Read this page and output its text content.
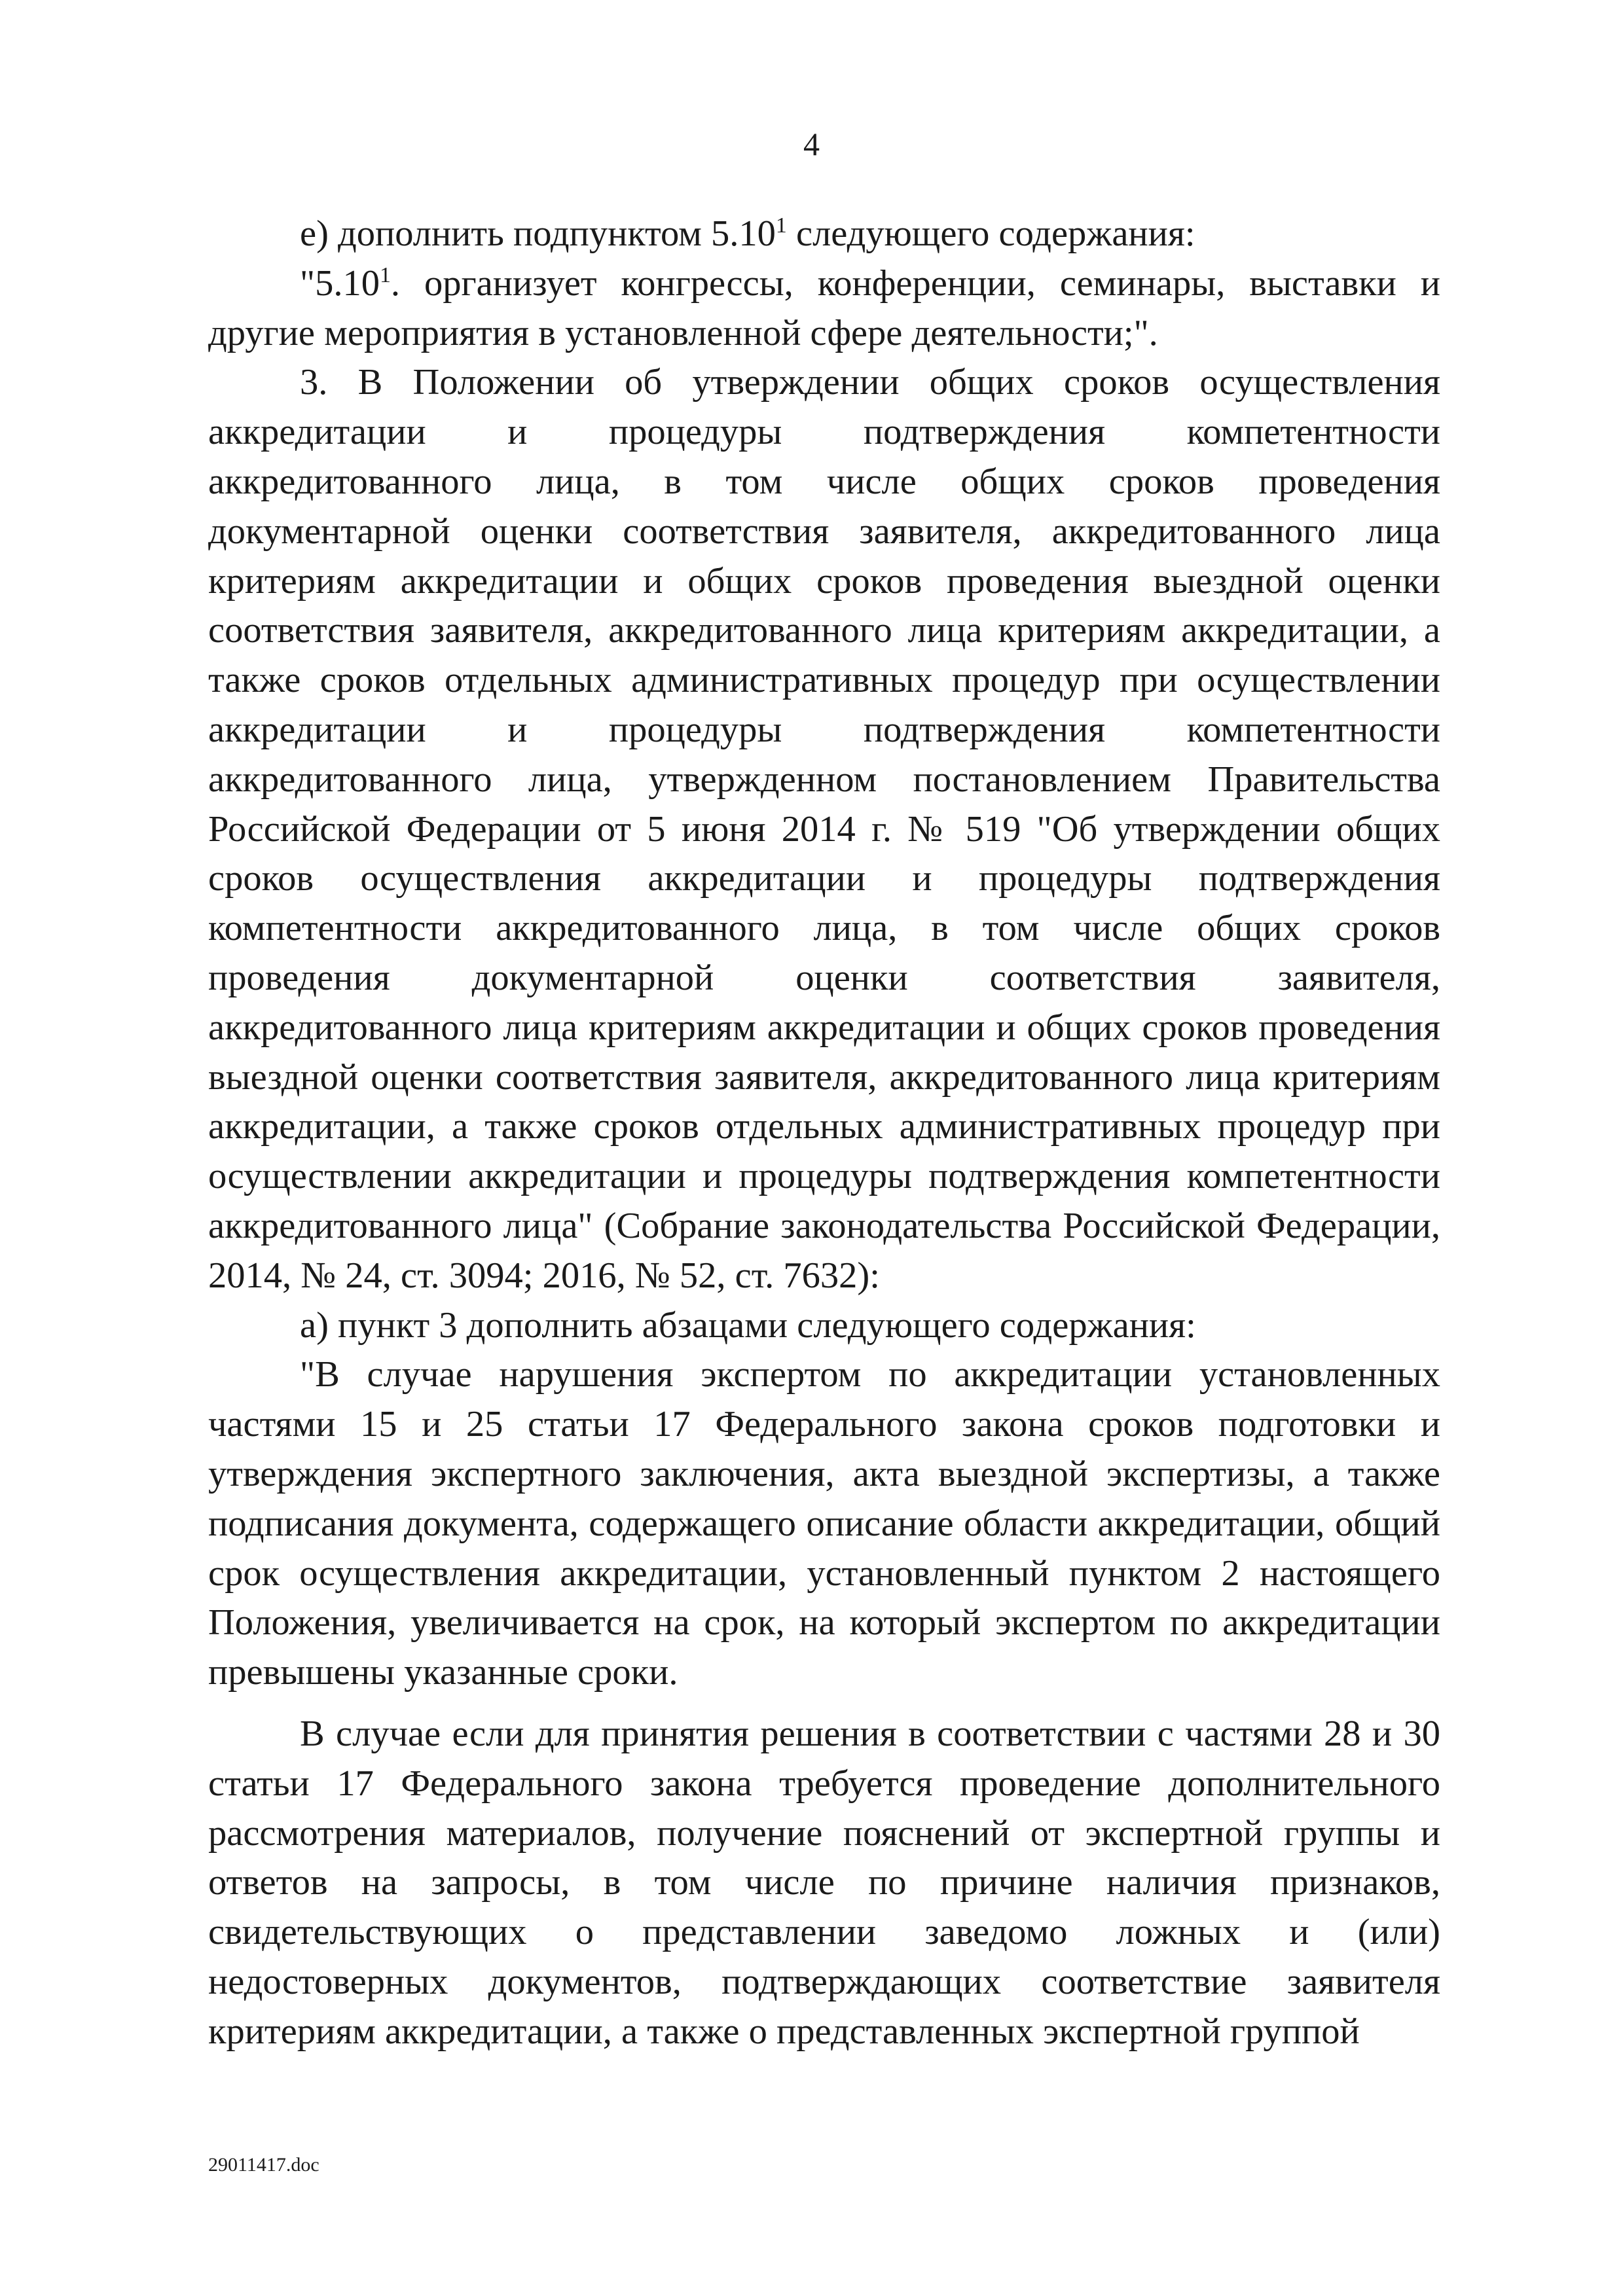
4

е) дополнить подпунктом 5.10$^1$ следующего содержания:

"5.10$^1$. организует конгрессы, конференции, семинары, выставки и другие мероприятия в установленной сфере деятельности;".

3. В Положении об утверждении общих сроков осуществления аккредитации и процедуры подтверждения компетентности аккредитованного лица, в том числе общих сроков проведения документарной оценки соответствия заявителя, аккредитованного лица критериям аккредитации и общих сроков проведения выездной оценки соответствия заявителя, аккредитованного лица критериям аккредитации, а также сроков отдельных административных процедур при осуществлении аккредитации и процедуры подтверждения компетентности аккредитованного лица, утвержденном постановлением Правительства Российской Федерации от 5 июня 2014 г. № 519 "Об утверждении общих сроков осуществления аккредитации и процедуры подтверждения компетентности аккредитованного лица, в том числе общих сроков проведения документарной оценки соответствия заявителя, аккредитованного лица критериям аккредитации и общих сроков проведения выездной оценки соответствия заявителя, аккредитованного лица критериям аккредитации, а также сроков отдельных административных процедур при осуществлении аккредитации и процедуры подтверждения компетентности аккредитованного лица" (Собрание законодательства Российской Федерации, 2014, № 24, ст. 3094; 2016, № 52, ст. 7632):

а) пункт 3 дополнить абзацами следующего содержания:

"В случае нарушения экспертом по аккредитации установленных частями 15 и 25 статьи 17 Федерального закона сроков подготовки и утверждения экспертного заключения, акта выездной экспертизы, а также подписания документа, содержащего описание области аккредитации, общий срок осуществления аккредитации, установленный пунктом 2 настоящего Положения, увеличивается на срок, на который экспертом по аккредитации превышены указанные сроки.

В случае если для принятия решения в соответствии с частями 28 и 30 статьи 17 Федерального закона требуется проведение дополнительного рассмотрения материалов, получение пояснений от экспертной группы и ответов на запросы, в том числе по причине наличия признаков, свидетельствующих о представлении заведомо ложных и (или) недостоверных документов, подтверждающих соответствие заявителя критериям аккредитации, а также о представленных экспертной группой

29011417.doc
